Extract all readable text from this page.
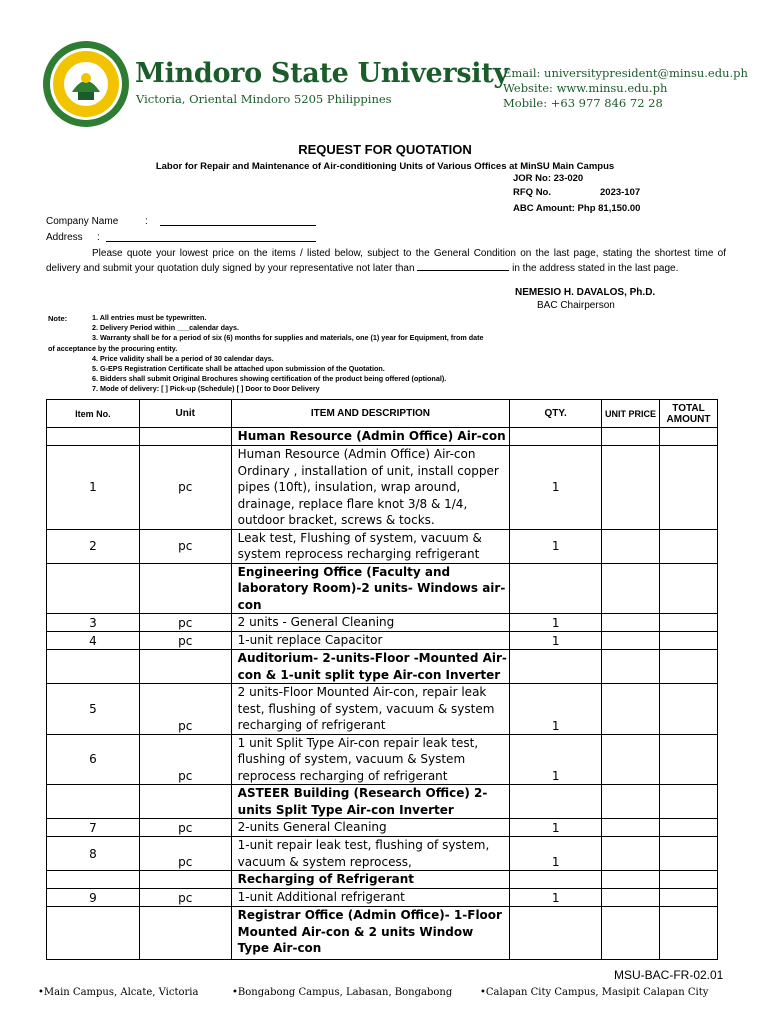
Mindoro State University
Victoria, Oriental Mindoro 5205 Philippines
Email: universitypresident@minsu.edu.ph
Website: www.minsu.edu.ph
Mobile: +63 977 846 72 28
REQUEST FOR QUOTATION
Labor for Repair and Maintenance of Air-conditioning Units of Various Offices at MinSU Main Campus
JOR No: 23-020
RFQ No.	2023-107
ABC Amount: Php 81,150.00
Company Name	:
Address :
Please quote your lowest price on the items / listed below, subject to the General Condition on the last page, stating the shortest time of delivery and submit your quotation duly signed by your representative not later than	in the address stated in the last page.
NEMESIO H. DAVALOS, Ph.D.
BAC Chairperson
Note:	1. All entries must be typewritten.
2. Delivery Period within ___calendar days.
3. Warranty shall be for a period of six (6) months for supplies and materials, one (1) year for Equipment, from date
of acceptance by the procuring entity.
4. Price validity shall be a period of 30 calendar days.
5. G-EPS Registration Certificate shall be attached upon submission of the Quotation.
6. Bidders shall submit Original Brochures showing certification of the product being offered (optional).
7. Mode of delivery: [ ] Pick-up (Schedule) [ ] Door to Door Delivery
Item No.	Unit	ITEM AND DESCRIPTION	QTY.	UNIT PRICE	TOTAL AMOUNT
		Human Resource (Admin Office) Air-con			
1	pc	Human Resource (Admin Office) Air-con Ordinary , installation of unit, install copper pipes (10ft), insulation, wrap around, drainage, replace flare knot 3/8 & 1/4, outdoor bracket, screws & tocks.	1		
2	pc	Leak test, Flushing of system, vacuum & system reprocess recharging refrigerant	1		
		Engineering Office (Faculty and laboratory Room)-2 units- Windows air-con			
3	pc	2 units - General Cleaning	1		
4	pc	1-unit replace Capacitor	1		
		Auditorium- 2-units-Floor -Mounted Air-con & 1-unit split type Air-con Inverter			
5	pc	2 units-Floor Mounted Air-con, repair leak test, flushing of system, vacuum & system recharging of refrigerant	1		
6	pc	1 unit Split Type Air-con repair leak test, flushing of system, vacuum & System reprocess recharging of refrigerant	1		
		ASTEER Building (Research Office) 2-units Split Type Air-con Inverter			
7	pc	2-units General Cleaning	1		
8	pc	1-unit repair leak test, flushing of system, vacuum & system reprocess,	1		
		Recharging of Refrigerant			
9	pc	1-unit Additional refrigerant	1		
		Registrar Office (Admin Office)- 1-Floor Mounted Air-con & 2 units Window Type Air-con			
MSU-BAC-FR-02.01
•Main Campus, Alcate, Victoria	•Bongabong Campus, Labasan, Bongabong	•Calapan City Campus, Masipit Calapan City
